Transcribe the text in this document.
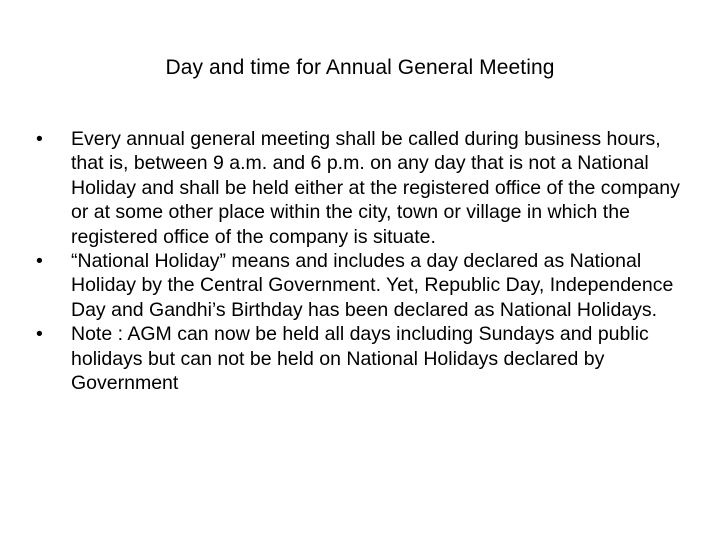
Day and time for Annual General Meeting
•	Every annual general meeting shall be called during business hours, that is, between 9 a.m. and 6 p.m. on any day that is not a National Holiday and shall be held either at the registered office of the company or at some other place within the city, town or village in which the registered office of the company is situate.
•	“National Holiday” means and includes a day declared as National Holiday by the Central Government. Yet, Republic Day, Independence Day and Gandhi’s Birthday has been declared as National Holidays.
•	Note : AGM can now be held all days including Sundays and public holidays but can not be held on National Holidays declared by Government
